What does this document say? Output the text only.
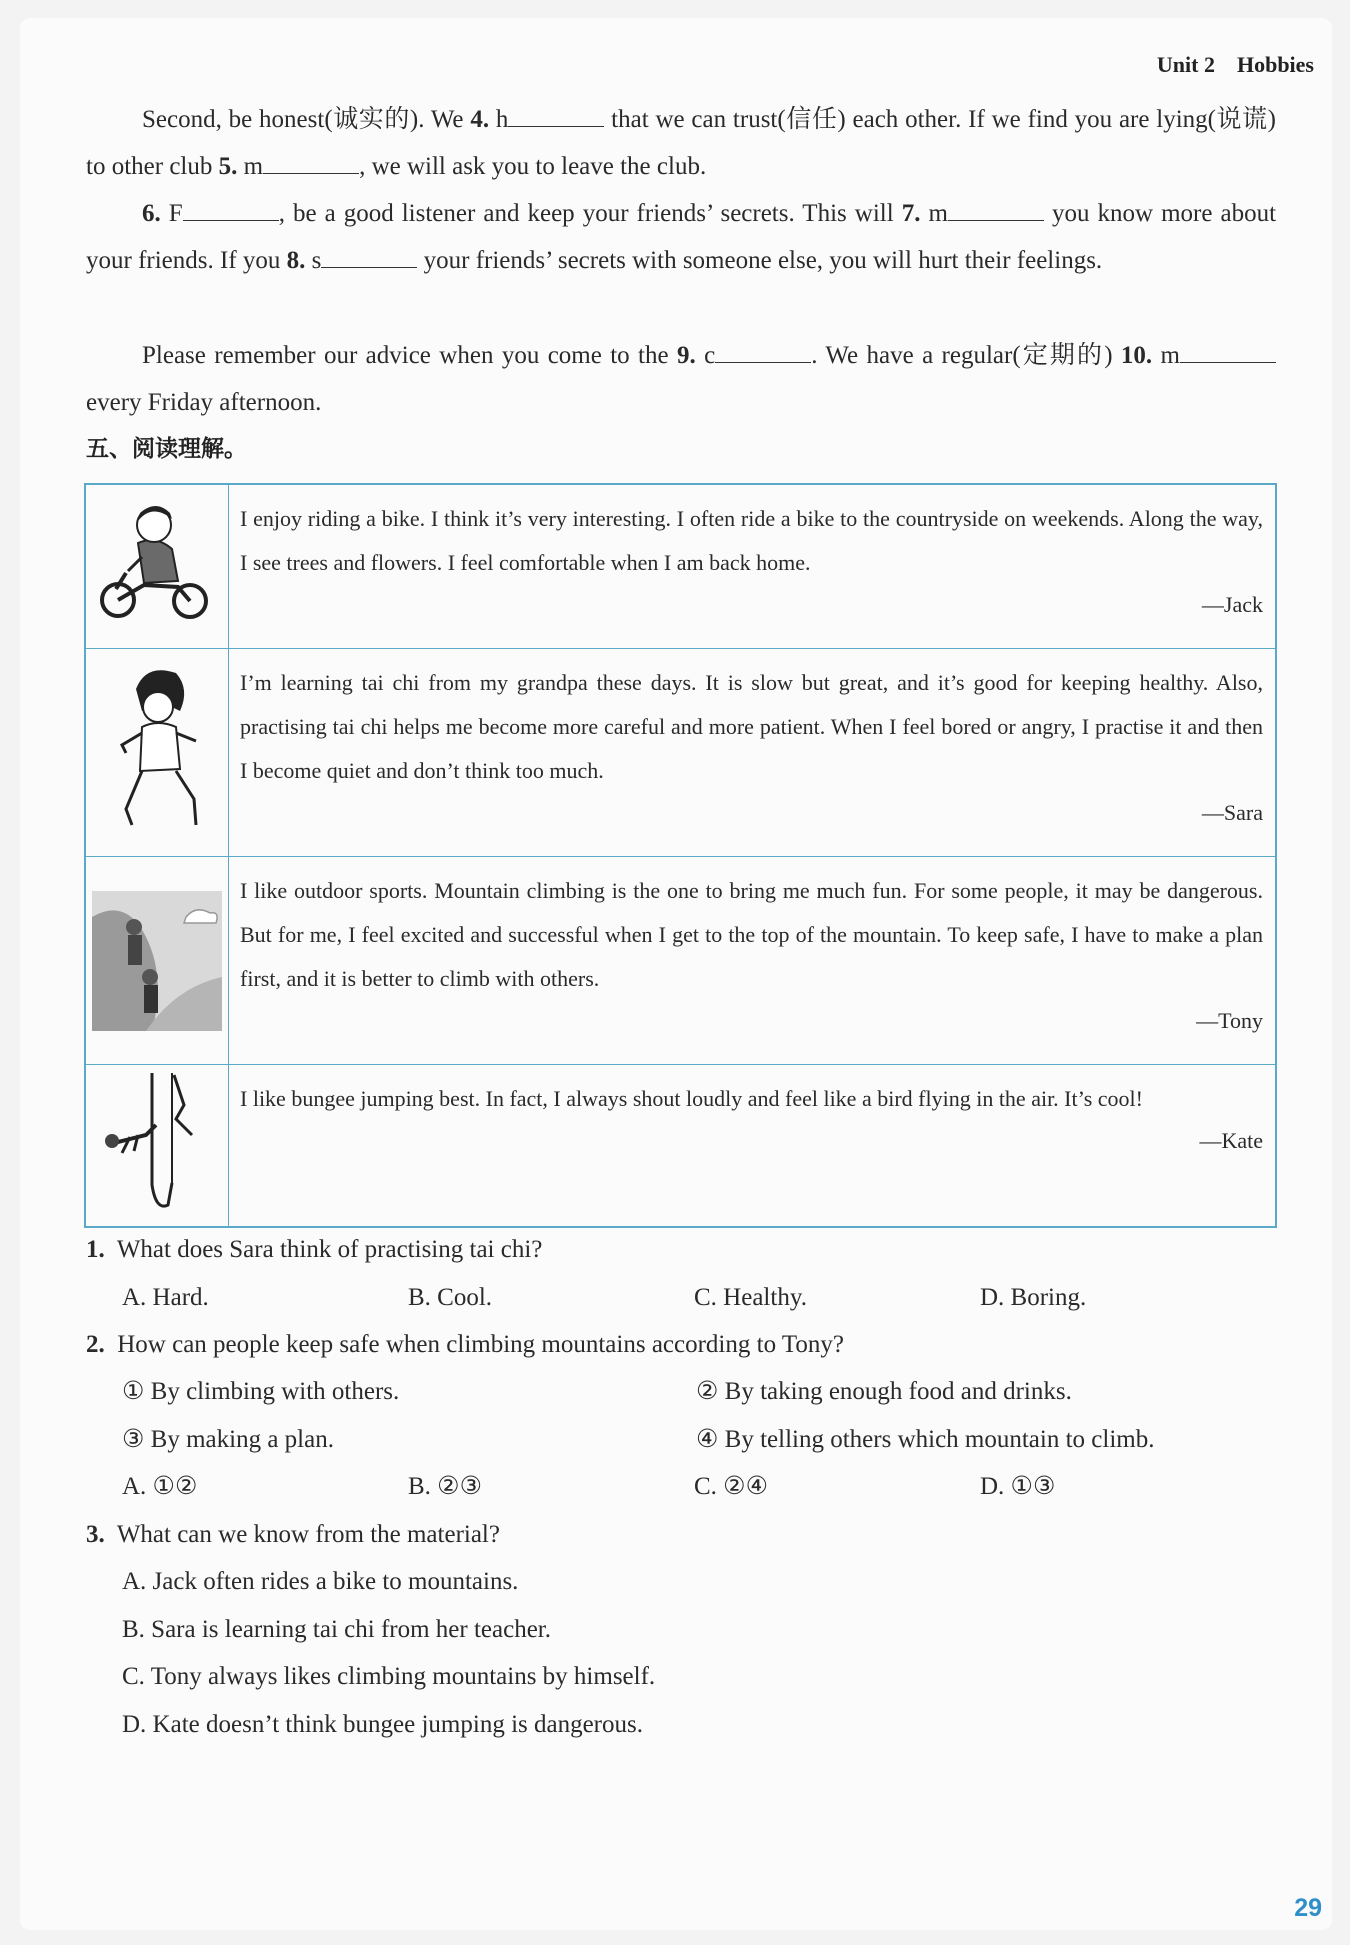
Unit 2 Hobbies
Second, be honest(诚实的). We 4. h	that we can trust(信任) each other. If we find you are lying(说谎) to other club 5. m	, we will ask you to leave the club.
6. F	, be a good listener and keep your friends’ secrets. This will 7. m	you know more about your friends. If you 8. s	your friends’ secrets with someone else, you will hurt their feelings.
Please remember our advice when you come to the 9. c	. We have a regular(定期的) 10. m every Friday afternoon.
五、阅读理解。

I enjoy riding a bike. I think it’s very interesting. I often ride a bike to the countryside on weekends. Along the way, I see trees and flowers. I feel comfortable when I am back home.
—Jack

I’m learning tai chi from my grandpa these days. It is slow but great, and it’s good for keeping healthy. Also, practising tai chi helps me become more careful and more patient. When I feel bored or angry, I practise it and then I become quiet and don’t think too much.
—Sara

I like outdoor sports. Mountain climbing is the one to bring me much fun. For some people, it may be dangerous. But for me, I feel excited and successful when I get to the top of the mountain. To keep safe, I have to make a plan first, and it is better to climb with others.
—Tony

I like bungee jumping best. In fact, I always shout loudly and feel like a bird flying in the air. It’s cool!
—Kate
1. What does Sara think of practising tai chi?
A. Hard.	B. Cool.	C. Healthy.	D. Boring.
2. How can people keep safe when climbing mountains according to Tony?
① By climbing with others.	② By taking enough food and drinks.
③ By making a plan.	④ By telling others which mountain to climb.
A. ①②	B. ②③	C. ②④	D. ①③
3. What can we know from the material?
A. Jack often rides a bike to mountains.
B. Sara is learning tai chi from her teacher.
C. Tony always likes climbing mountains by himself.
D. Kate doesn’t think bungee jumping is dangerous.
29
